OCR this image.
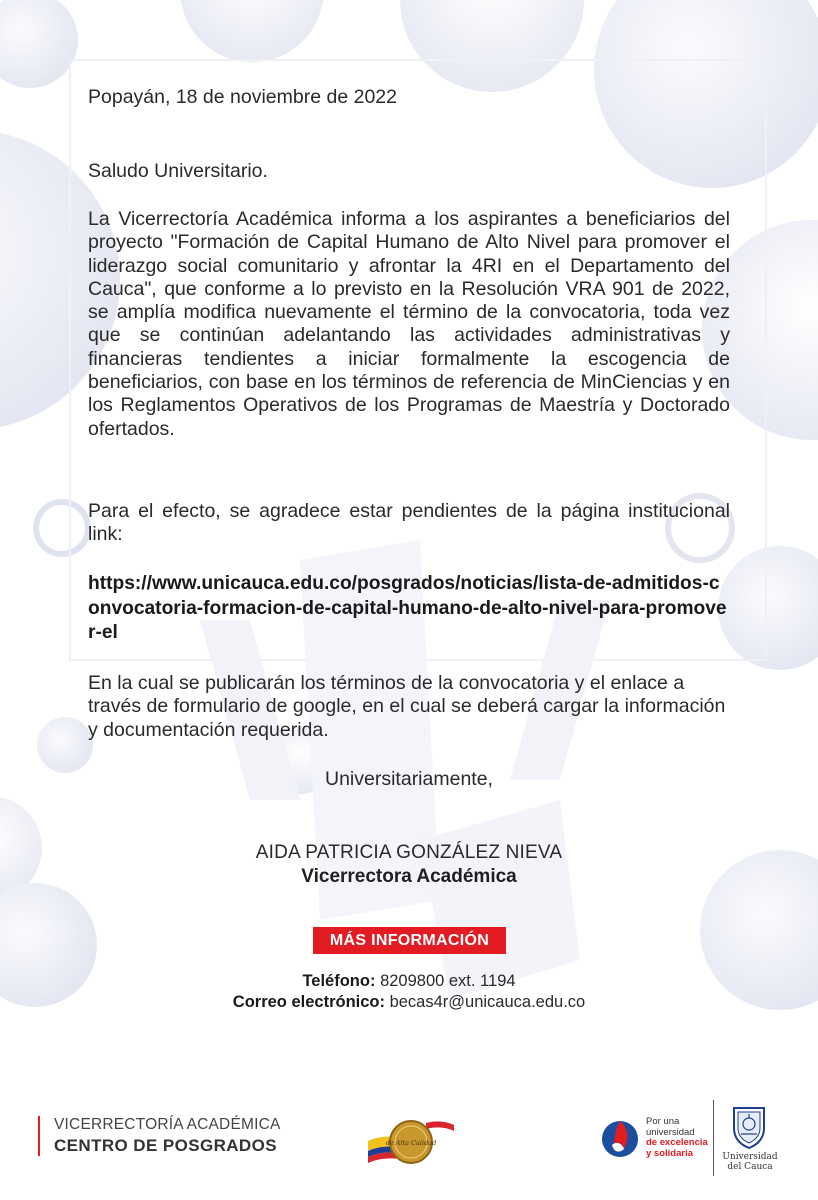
Popayán, 18 de noviembre de 2022
Saludo Universitario.

La Vicerrectoría Académica informa a los aspirantes a beneficiarios del proyecto "Formación de Capital Humano de Alto Nivel para promover el liderazgo social comunitario y afrontar la 4RI en el Departamento del Cauca", que conforme a lo previsto en la Resolución VRA 901 de 2022, se amplía modifica nuevamente el término de la convocatoria, toda vez que se continúan adelantando las actividades administrativas y financieras tendientes a iniciar formalmente la escogencia de beneficiarios, con base en los términos de referencia de MinCiencias y en los Reglamentos Operativos de los Programas de Maestría y Doctorado ofertados.

Para el efecto, se agradece estar pendientes de la página institucional link:

https://www.unicauca.edu.co/posgrados/noticias/lista-de-admitidos-convocatoria-formacion-de-capital-humano-de-alto-nivel-para-promover-el

En la cual se publicarán los términos de la convocatoria y el enlace a través de formulario de google, en el cual se deberá cargar la información y documentación requerida.

Universitariamente,
AIDA PATRICIA GONZÁLEZ NIEVA
Vicerrectora Académica
MÁS INFORMACIÓN
Teléfono: 8209800 ext. 1194
Correo electrónico: becas4r@unicauca.edu.co
VICERRECTORÍA ACADÉMICA
CENTRO DE POSGRADOS	de Alta Calidad
Por una
universidad
de excelencia
y solidaria	Universidad
del Cauca
